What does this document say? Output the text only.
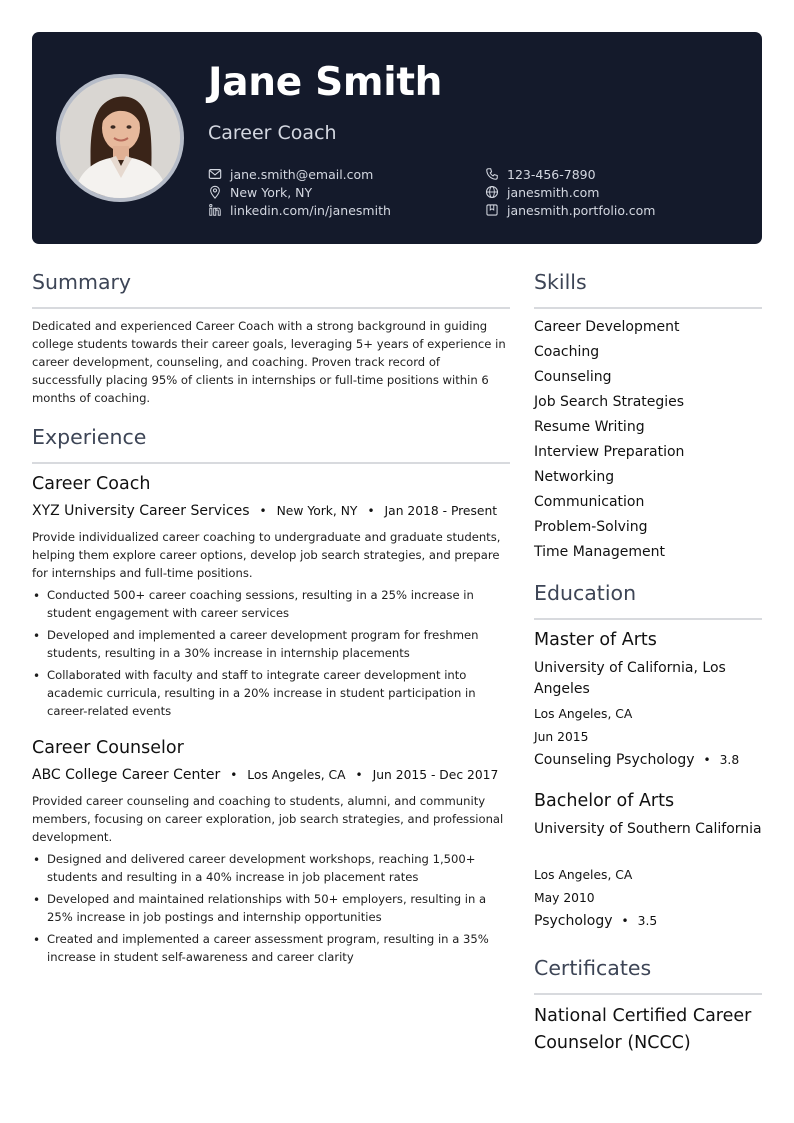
Jane Smith
Career Coach
jane.smith@email.com	123-456-7890
New York, NY	janesmith.com
linkedin.com/in/janesmith	janesmith.portfolio.com
Summary
Dedicated and experienced Career Coach with a strong background in guiding college students towards their career goals, leveraging 5+ years of experience in career development, counseling, and coaching. Proven track record of successfully placing 95% of clients in internships or full-time positions within 6 months of coaching.
Experience
Career Coach
XYZ University Career Services • New York, NY • Jan 2018 - Present
Provide individualized career coaching to undergraduate and graduate students, helping them explore career options, develop job search strategies, and prepare for internships and full-time positions.
• Conducted 500+ career coaching sessions, resulting in a 25% increase in student engagement with career services
• Developed and implemented a career development program for freshmen students, resulting in a 30% increase in internship placements
• Collaborated with faculty and staff to integrate career development into academic curricula, resulting in a 20% increase in student participation in career-related events
Career Counselor
ABC College Career Center • Los Angeles, CA • Jun 2015 - Dec 2017
Provided career counseling and coaching to students, alumni, and community members, focusing on career exploration, job search strategies, and professional development.
• Designed and delivered career development workshops, reaching 1,500+ students and resulting in a 40% increase in job placement rates
• Developed and maintained relationships with 50+ employers, resulting in a 25% increase in job postings and internship opportunities
• Created and implemented a career assessment program, resulting in a 35% increase in student self-awareness and career clarity
Skills
Career Development
Coaching
Counseling
Job Search Strategies
Resume Writing
Interview Preparation
Networking
Communication
Problem-Solving
Time Management
Education
Master of Arts
University of California, Los Angeles
Los Angeles, CA
Jun 2015
Counseling Psychology • 3.8
Bachelor of Arts
University of Southern California
Los Angeles, CA
May 2010
Psychology • 3.5
Certificates
National Certified Career Counselor (NCCC)
